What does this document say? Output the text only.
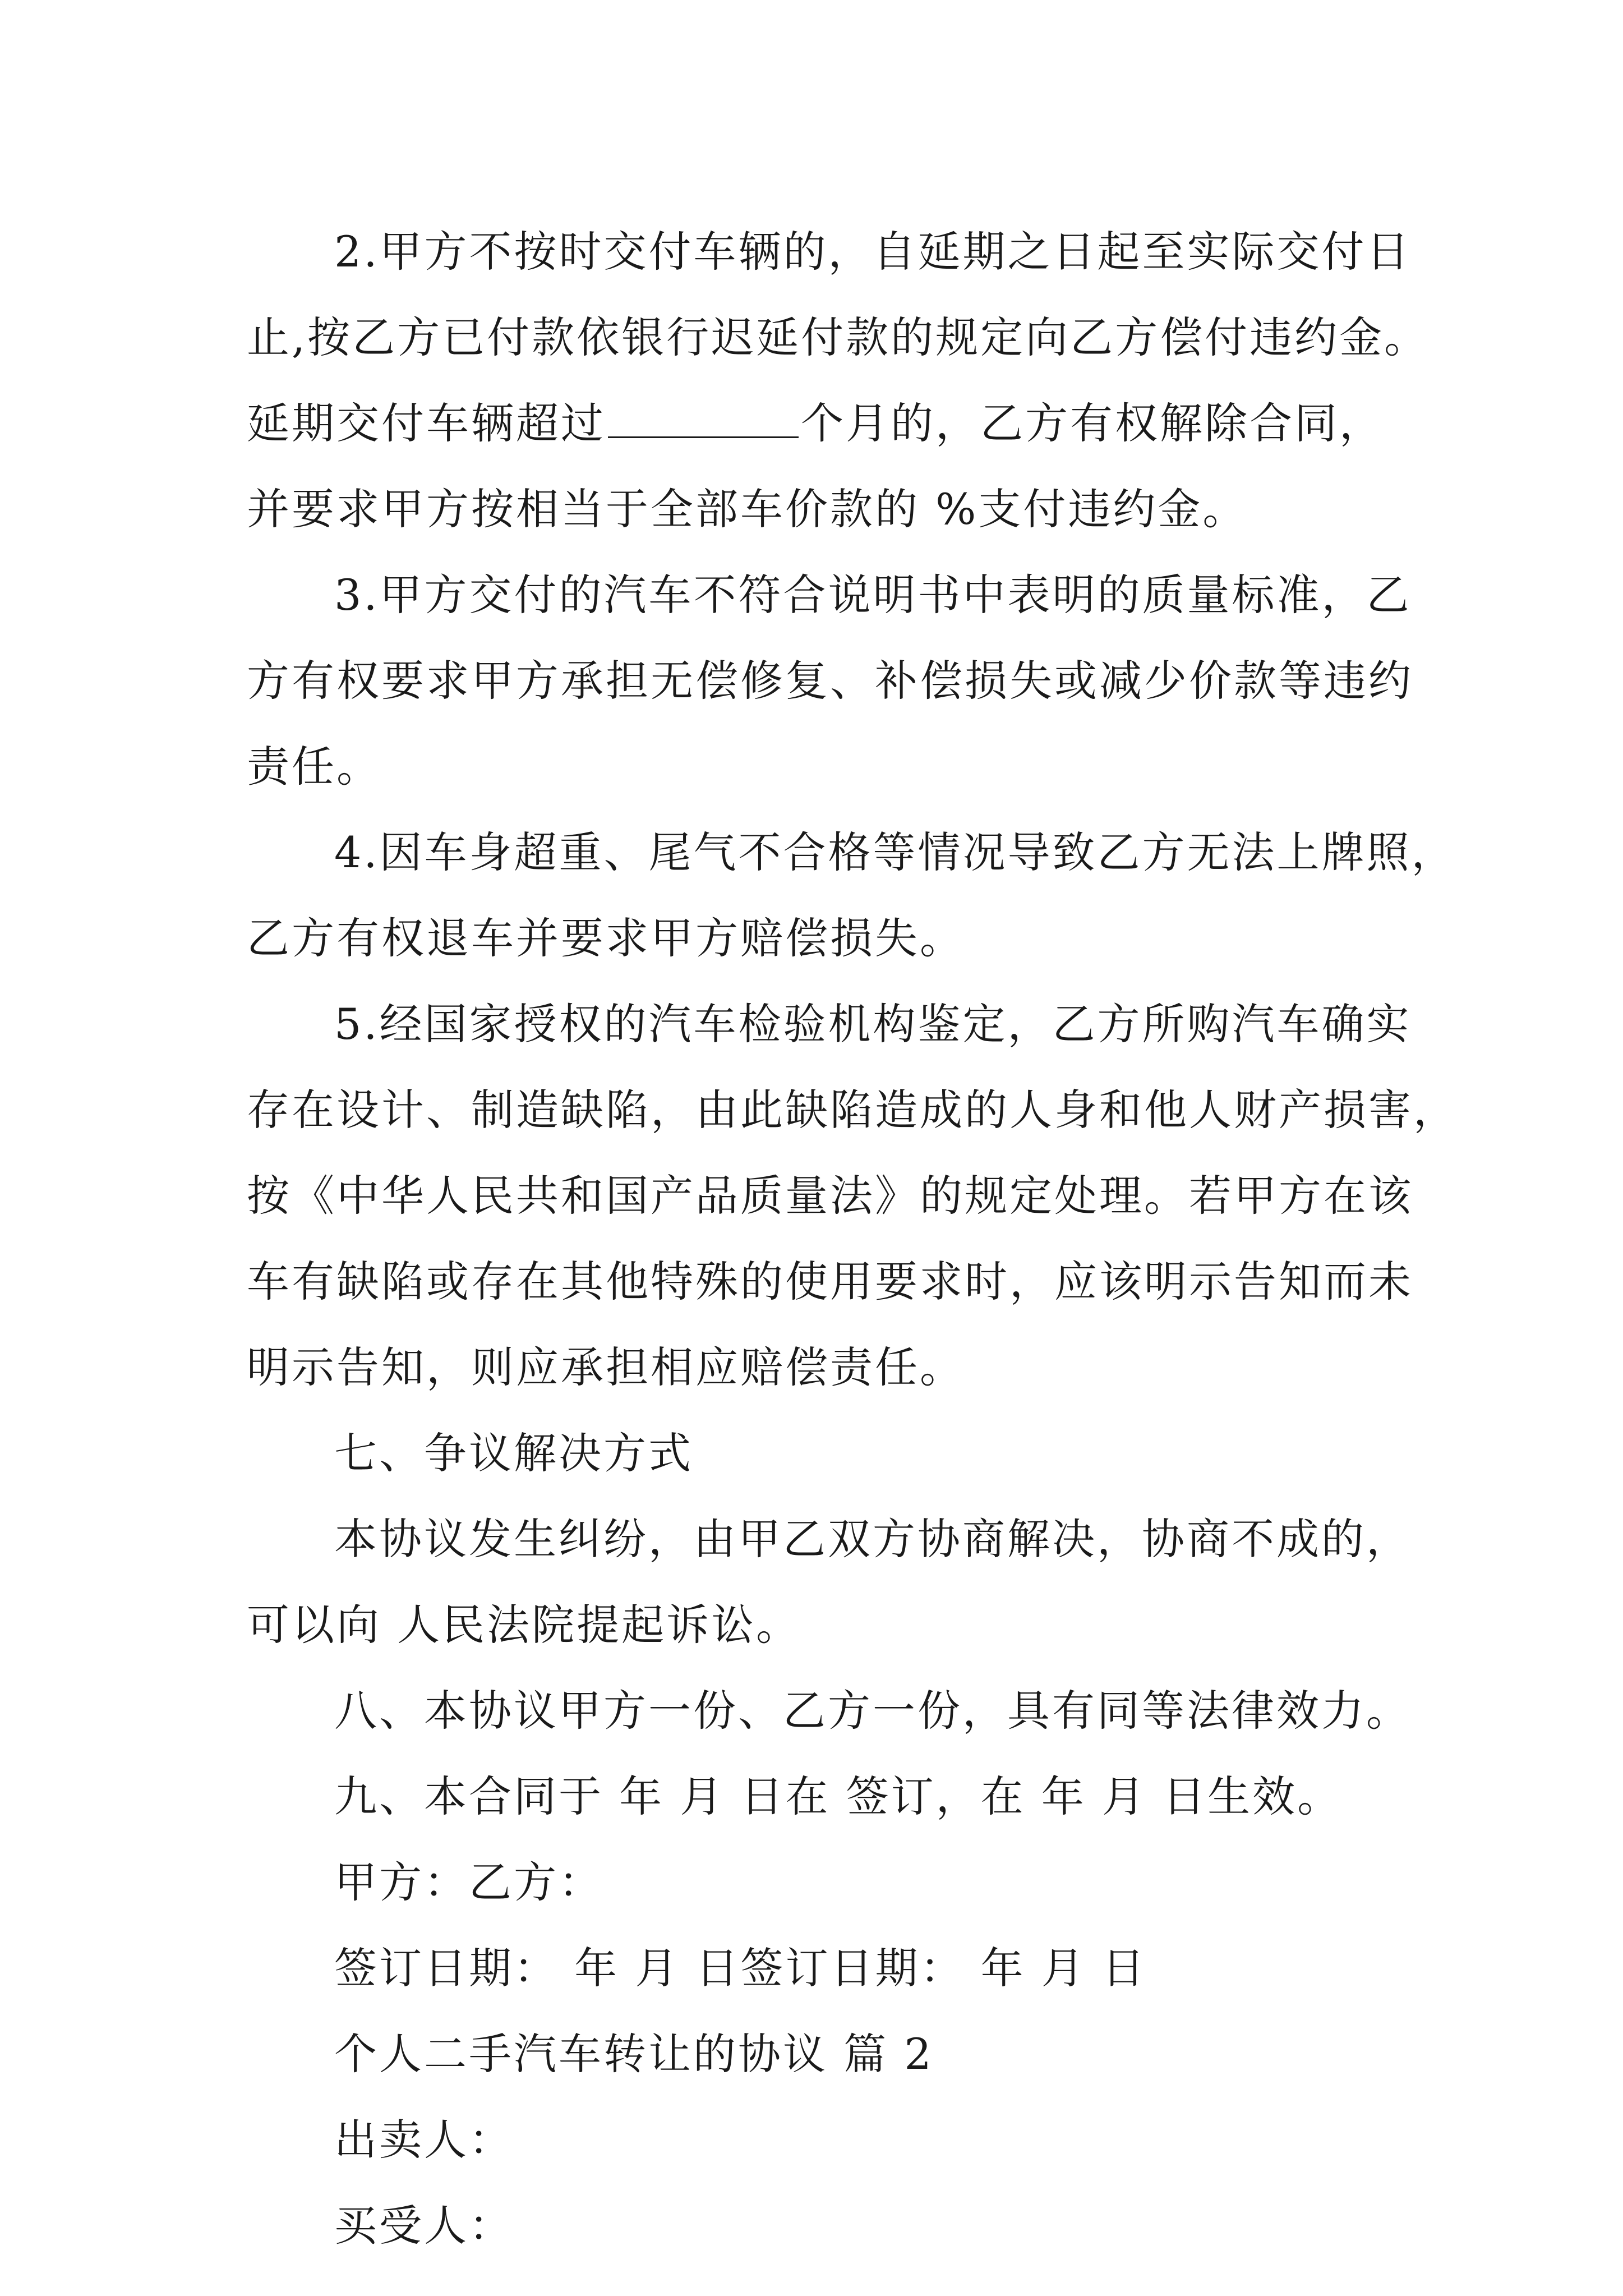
2.甲方不按时交付车辆的，自延期之日起至实际交付日
止,按乙方已付款依银行迟延付款的规定向乙方偿付违约金。
延期交付车辆超过	个月的，乙方有权解除合同，
并要求甲方按相当于全部车价款的 %支付违约金。
3.甲方交付的汽车不符合说明书中表明的质量标准，乙
方有权要求甲方承担无偿修复、补偿损失或减少价款等违约
责任。
4.因车身超重、尾气不合格等情况导致乙方无法上牌照，
乙方有权退车并要求甲方赔偿损失。
5.经国家授权的汽车检验机构鉴定，乙方所购汽车确实
存在设计、制造缺陷，由此缺陷造成的人身和他人财产损害，
按《中华人民共和国产品质量法》的规定处理。若甲方在该
车有缺陷或存在其他特殊的使用要求时，应该明示告知而未
明示告知，则应承担相应赔偿责任。
七、争议解决方式
本协议发生纠纷，由甲乙双方协商解决，协商不成的，
可以向 人民法院提起诉讼。
八、本协议甲方一份、乙方一份，具有同等法律效力。
九、本合同于 年 月 日在 签订，在 年 月 日生效。
甲方：乙方：
签订日期： 年 月 日签订日期： 年 月 日
个人二手汽车转让的协议 篇 2
出卖人：
买受人：
